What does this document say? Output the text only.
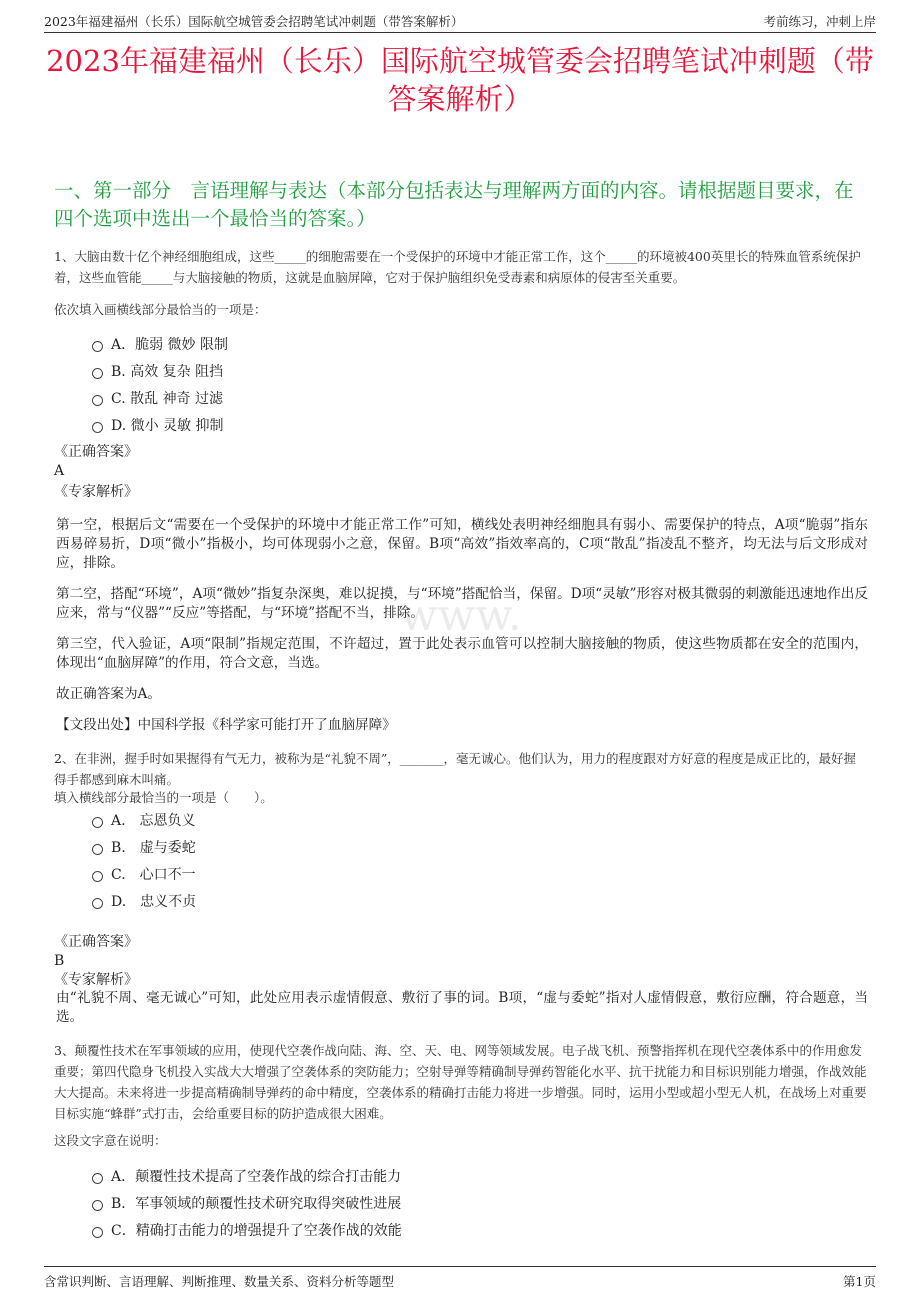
2023年福建福州（长乐）国际航空城管委会招聘笔试冲刺题（带答案解析）	考前练习，冲刺上岸
2023年福建福州（长乐）国际航空城管委会招聘笔试冲刺题（带答案解析）
一、第一部分　言语理解与表达（本部分包括表达与理解两方面的内容。请根据题目要求，在四个选项中选出一个最恰当的答案。）
1、大脑由数十亿个神经细胞组成，这些_____的细胞需要在一个受保护的环境中才能正常工作，这个_____的环境被400英里长的特殊血管系统保护着，这些血管能_____与大脑接触的物质，这就是血脑屏障，它对于保护脑组织免受毒素和病原体的侵害至关重要。
依次填入画横线部分最恰当的一项是：
A．脆弱 微妙 限制
B. 高效 复杂 阻挡
C. 散乱 神奇 过滤
D. 微小 灵敏 抑制
《正确答案》
A
《专家解析》

第一空，根据后文“需要在一个受保护的环境中才能正常工作”可知，横线处表明神经细胞具有弱小、需要保护的特点，A项“脆弱”指东西易碎易折，D项“微小”指极小，均可体现弱小之意，保留。B项“高效”指效率高的，C项“散乱”指凌乱不整齐，均无法与后文形成对应，排除。

第二空，搭配“环境”，A项“微妙”指复杂深奥，难以捉摸，与“环境”搭配恰当，保留。D项“灵敏”形容对极其微弱的刺激能迅速地作出反应来，常与“仪器”“反应”等搭配，与“环境”搭配不当，排除。

第三空，代入验证，A项“限制”指规定范围，不许超过，置于此处表示血管可以控制大脑接触的物质，使这些物质都在安全的范围内，体现出“血脑屏障”的作用，符合文意，当选。

故正确答案为A。

【文段出处】中国科学报《科学家可能打开了血脑屏障》

www.
2、在非洲，握手时如果握得有气无力，被称为是“礼貌不周”，_______，毫无诚心。他们认为，用力的程度跟对方好意的程度是成正比的，最好握得手都感到麻木叫痛。
填入横线部分最恰当的一项是（　　）。
A.　忘恩负义
B.　虚与委蛇
C.　心口不一
D.　忠义不贞
《正确答案》
B
《专家解析》
由“礼貌不周、毫无诚心”可知，此处应用表示虚情假意、敷衍了事的词。B项，“虚与委蛇”指对人虚情假意，敷衍应酬，符合题意，当选。
3、颠覆性技术在军事领域的应用，使现代空袭作战向陆、海、空、天、电、网等领域发展。电子战飞机、预警指挥机在现代空袭体系中的作用愈发重要；第四代隐身飞机投入实战大大增强了空袭体系的突防能力；空射导弹等精确制导弹药智能化水平、抗干扰能力和目标识别能力增强，作战效能大大提高。未来将进一步提高精确制导弹药的命中精度，空袭体系的精确打击能力将进一步增强。同时，运用小型或超小型无人机，在战场上对重要目标实施“蜂群”式打击，会给重要目标的防护造成很大困难。
这段文字意在说明：
A．颠覆性技术提高了空袭作战的综合打击能力
B．军事领域的颠覆性技术研究取得突破性进展
C．精确打击能力的增强提升了空袭作战的效能
含常识判断、言语理解、判断推理、数量关系、资料分析等题型	第1页
